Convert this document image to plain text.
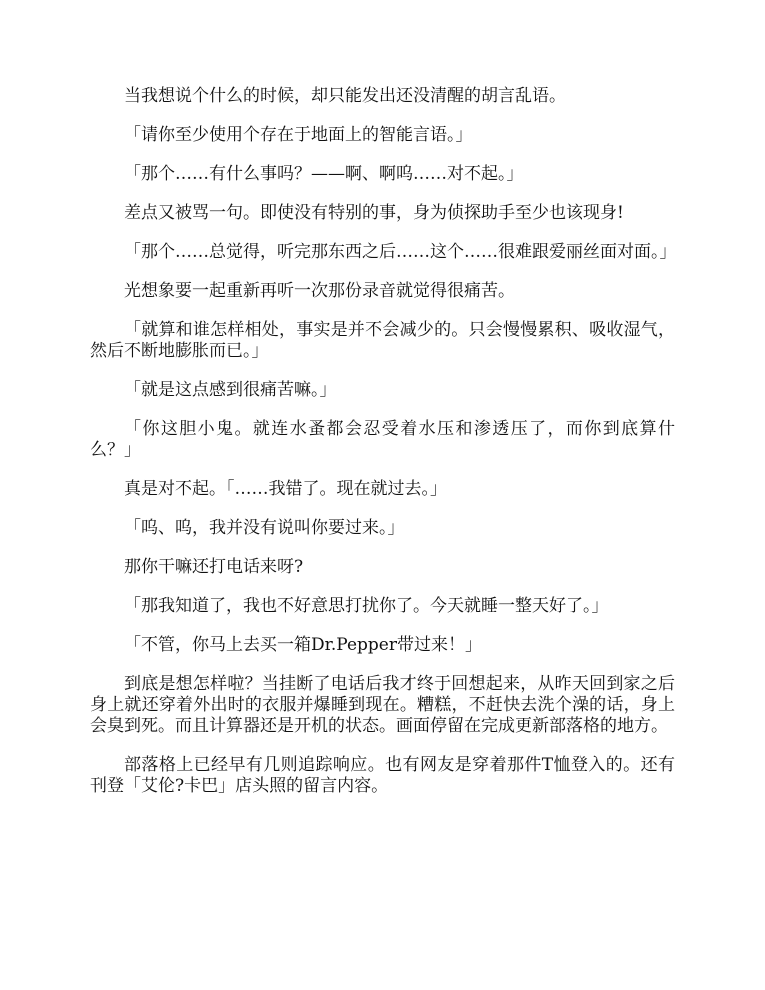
当我想说个什么的时候，却只能发出还没清醒的胡言乱语。

「请你至少使用个存在于地面上的智能言语。」

「那个……有什么事吗？——啊、啊呜……对不起。」

差点又被骂一句。即使没有特别的事，身为侦探助手至少也该现身!

「那个……总觉得，听完那东西之后……这个……很难跟爱丽丝面对面。」

光想象要一起重新再听一次那份录音就觉得很痛苦。

「就算和谁怎样相处，事实是并不会减少的。只会慢慢累积、吸收湿气，然后不断地膨胀而已。」

「就是这点感到很痛苦嘛。」

「你这胆小鬼。就连水蚤都会忍受着水压和渗透压了，而你到底算什么？」

真是对不起。「……我错了。现在就过去。」

「呜、呜，我并没有说叫你要过来。」

那你干嘛还打电话来呀?

「那我知道了，我也不好意思打扰你了。今天就睡一整天好了。」

「不管，你马上去买一箱Dr.Pepper带过来！」

到底是想怎样啦？当挂断了电话后我才终于回想起来，从昨天回到家之后身上就还穿着外出时的衣服并爆睡到现在。糟糕，不赶快去洗个澡的话，身上会臭到死。而且计算器还是开机的状态。画面停留在完成更新部落格的地方。

部落格上已经早有几则追踪响应。也有网友是穿着那件T恤登入的。还有刊登「艾伦?卡巴」店头照的留言内容。
